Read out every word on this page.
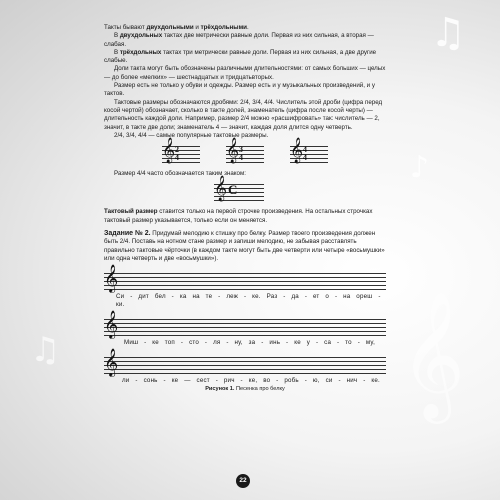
♫
♪
𝄞
♫

Такты бывают двухдольными и трёхдольными.

В двухдольных тактах две метрически равные доли. Первая из них сильная, а вторая — слабая.

В трёхдольных тактах три метрически равные доли. Первая из них сильная, а две другие слабые.

Доли такта могут быть обозначены различными длительностями: от самых больших — целых — до более «мелких» — шестнадцатых и тридцатьвторых.

Размер есть не только у обуви и одежды. Размер есть и у музыкальных произведений, и у тактов.

Тактовые размеры обозначаются дробями: 2/4, 3/4, 4/4. Числитель этой дроби (цифра перед косой чертой) обозначает, сколько в такте долей, знаменатель (цифра после косой черты) — длительность каждой доли. Например, размер 2/4 можно «расшифровать» так: числитель — 2, значит, в такте две доли; знаменатель 4 — значит, каждая доля длится одну четверть.

2/4, 3/4, 4/4 — самые популярные тактовые размеры.

𝄞 2
4 𝄞 3
4 𝄞 4
4

Размер 4/4 часто обозначается таким знаком:

𝄞 C

Тактовый размер ставится только на первой строчке произведения. На остальных строчках тактовый размер указывается, только если он меняется.

Задание № 2. Придумай мелодию к стишку про белку. Размер твоего произведения должен быть 2/4. Поставь на нотном стане размер и запиши мелодию, не забывая расставлять правильно тактовые чёрточки (в каждом такте могут быть две четверти или четыре «восьмушки» или одна четверть и две «восьмушки»).

𝄞

Си - дит бел - ка на те - леж - ке. Раз - да - ет о - на ореш - ки.

𝄞

Миш - ке топ - сто - ля - ну, за - инь - ке у - са - то - му,

𝄞

ли - сонь - ке — сест - рич - ке, во - робь - ю, си - нич - ке.

Рисунок 1. Песенка про белку

22
